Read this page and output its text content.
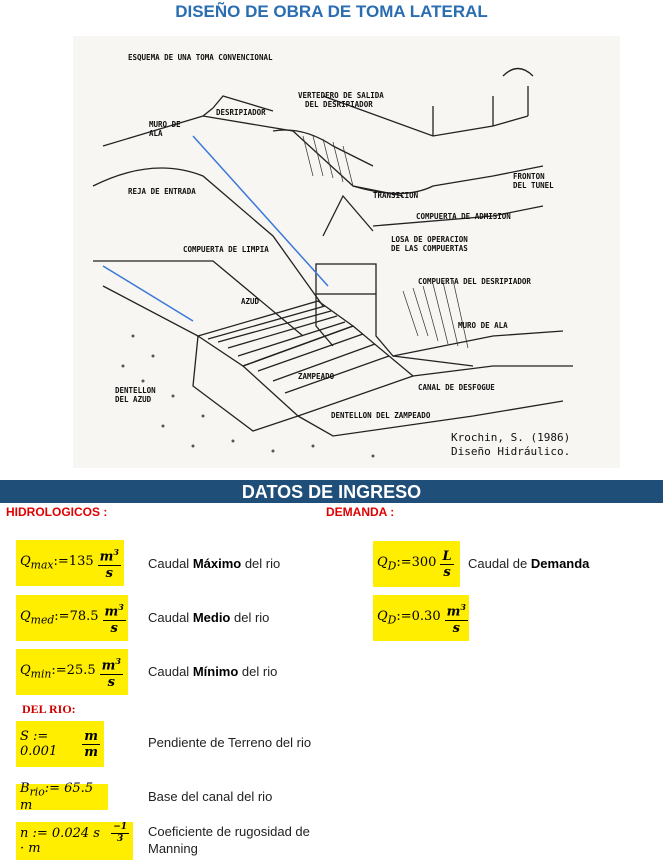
DISEÑO DE OBRA DE TOMA LATERAL
ESQUEMA DE UNA TOMA CONVENCIONAL
VERTEDERO DE SALIDA
DEL DESRIPIADOR
DESRIPIADOR
MURO DE
ALA
FRONTON
DEL TUNEL
REJA DE ENTRADA	TRANSICION
COMPUERTA DE ADMISION
LOSA DE OPERACION
DE LAS COMPUERTAS
COMPUERTA DE LIMPIA
COMPUERTA DEL DESRIPIADOR
AZUD
MURO DE ALA
ZAMPEADO
CANAL DE DESFOGUE
DENTELLON
DEL AZUD
DENTELLON DEL ZAMPEADO
Krochin, S. (1986)
Diseño Hidráulico.
DATOS DE INGRESO
HIDROLOGICOS :	DEMANDA :
$Q_{max}:=135 \frac{m^3}{s}$ Caudal Máximo del rio
$Q_{med}:=78.5 \frac{m^3}{s}$ Caudal Medio del rio
$Q_{min}:=25.5 \frac{m^3}{s}$ Caudal Mínimo del rio
$Q_D:=300 \frac{L}{s}$ Caudal de Demanda
$Q_D:=0.30 \frac{m^3}{s}$
DEL RIO:
S := 0.001	$\frac{m}{m}$	Pendiente de Terreno del rio
$B_{rio}:= 65.5$ m
Base del canal del rio
n := 0.024 s · m
$\frac{-1}{3}$ Coeficiente de rugosidad de
Manning
